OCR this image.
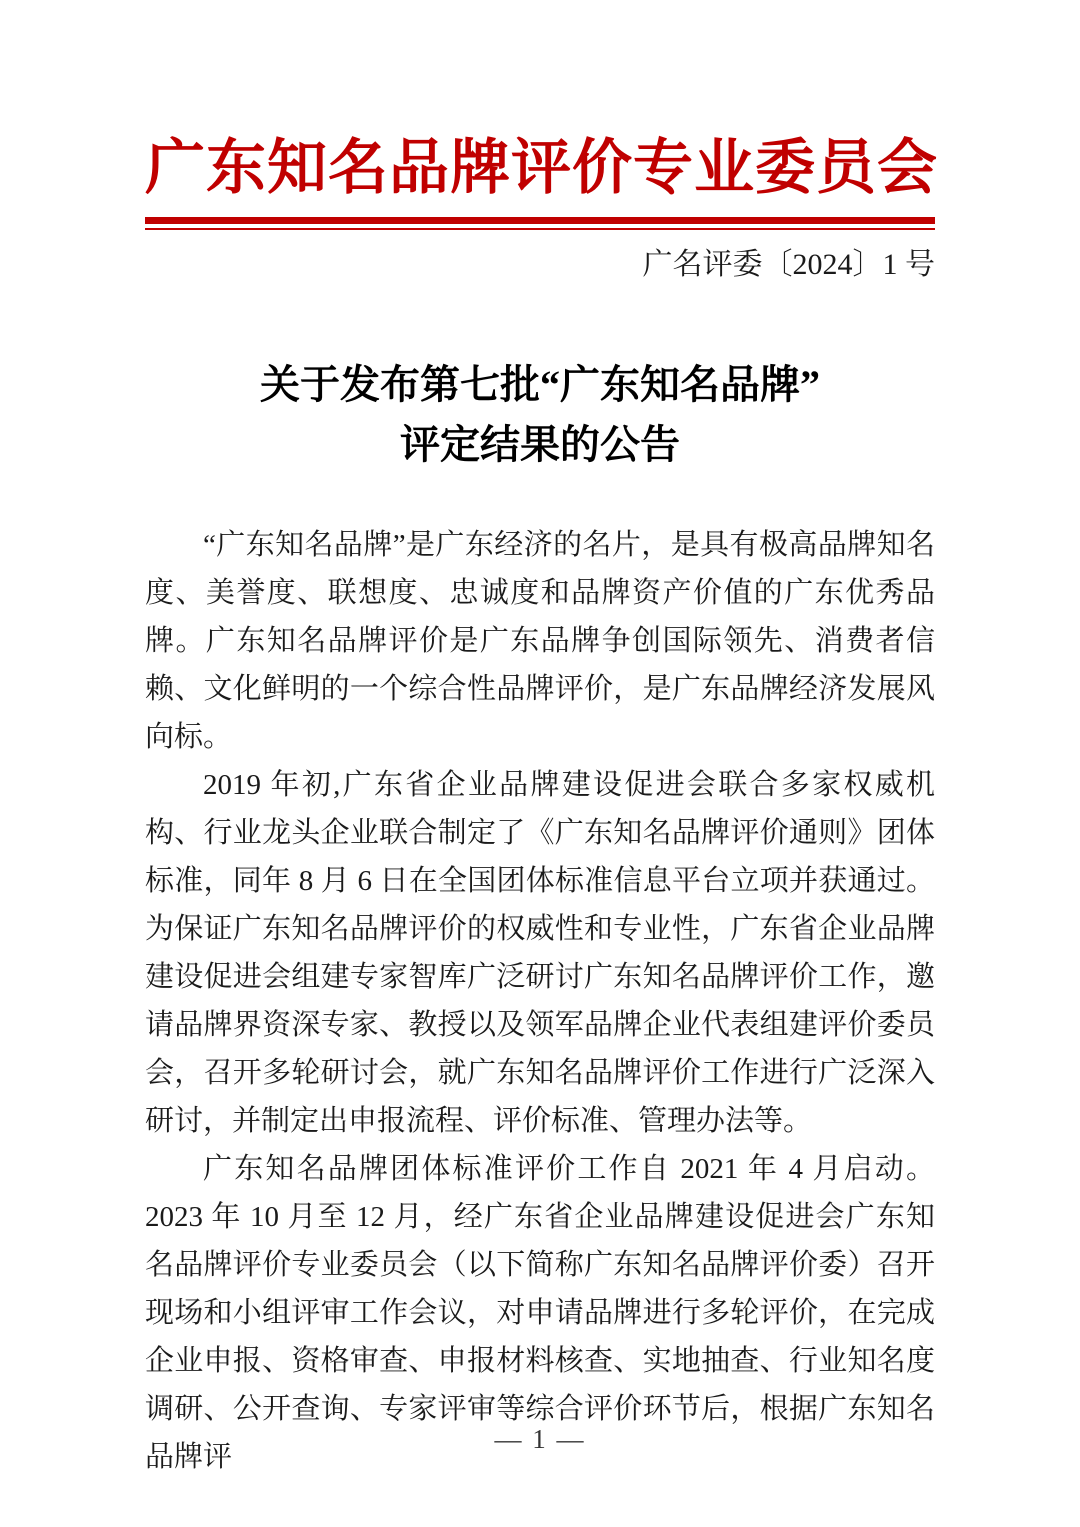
广东知名品牌评价专业委员会
广名评委〔2024〕1 号
关于发布第七批“广东知名品牌”
评定结果的公告

“广东知名品牌”是广东经济的名片，是具有极高品牌知名度、美誉度、联想度、忠诚度和品牌资产价值的广东优秀品牌。广东知名品牌评价是广东品牌争创国际领先、消费者信赖、文化鲜明的一个综合性品牌评价，是广东品牌经济发展风向标。

2019 年初,广东省企业品牌建设促进会联合多家权威机构、行业龙头企业联合制定了《广东知名品牌评价通则》团体标准，同年 8 月 6 日在全国团体标准信息平台立项并获通过。为保证广东知名品牌评价的权威性和专业性，广东省企业品牌建设促进会组建专家智库广泛研讨广东知名品牌评价工作，邀请品牌界资深专家、教授以及领军品牌企业代表组建评价委员会，召开多轮研讨会，就广东知名品牌评价工作进行广泛深入研讨，并制定出申报流程、评价标准、管理办法等。

广东知名品牌团体标准评价工作自 2021 年 4 月启动。2023 年 10 月至 12 月，经广东省企业品牌建设促进会广东知名品牌评价专业委员会（以下简称广东知名品牌评价委）召开现场和小组评审工作会议，对申请品牌进行多轮评价，在完成企业申报、资格审查、申报材料核查、实地抽查、行业知名度调研、公开查询、专家评审等综合评价环节后，根据广东知名品牌评

— 1 —
